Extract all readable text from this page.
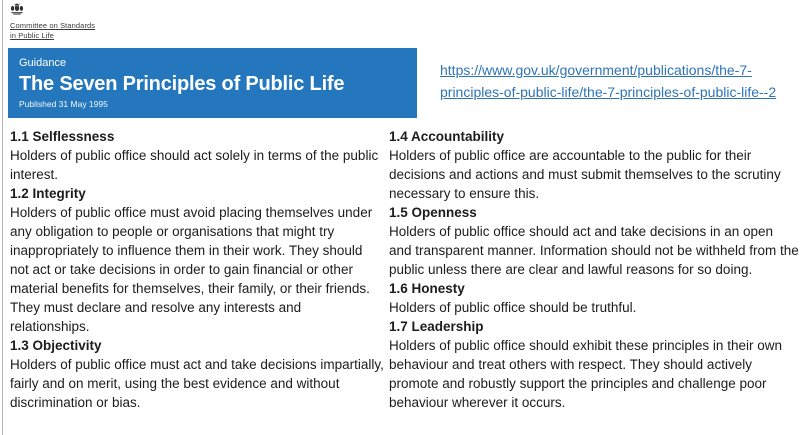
Committee on Standards in Public Life
Guidance
The Seven Principles of Public Life
Published 31 May 1995
https://www.gov.uk/government/publications/the-7-principles-of-public-life/the-7-principles-of-public-life--2
1.1 Selflessness
Holders of public office should act solely in terms of the public interest.
1.2 Integrity
Holders of public office must avoid placing themselves under any obligation to people or organisations that might try inappropriately to influence them in their work. They should not act or take decisions in order to gain financial or other material benefits for themselves, their family, or their friends. They must declare and resolve any interests and relationships.
1.3 Objectivity
Holders of public office must act and take decisions impartially, fairly and on merit, using the best evidence and without discrimination or bias.
1.4 Accountability
Holders of public office are accountable to the public for their decisions and actions and must submit themselves to the scrutiny necessary to ensure this.
1.5 Openness
Holders of public office should act and take decisions in an open and transparent manner. Information should not be withheld from the public unless there are clear and lawful reasons for so doing.
1.6 Honesty
Holders of public office should be truthful.
1.7 Leadership
Holders of public office should exhibit these principles in their own behaviour and treat others with respect. They should actively promote and robustly support the principles and challenge poor behaviour wherever it occurs.
